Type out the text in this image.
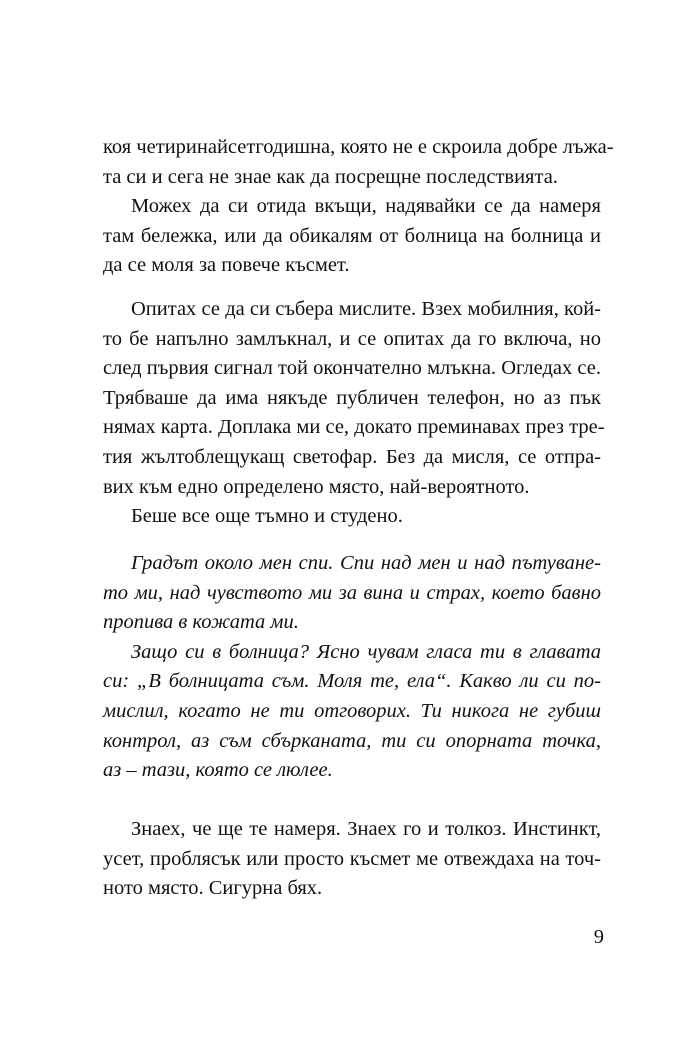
коя четиринайсетгодишна, която не е скроила добре лъжа-
та си и сега не знае как да посрещне последствията.
Можех да си отида вкъщи, надявайки се да намеря
там бележка, или да обикалям от болница на болница и
да се моля за повече късмет.
Опитах се да си събера мислите. Взех мобилния, кой-
то бе напълно замлъкнал, и се опитах да го включа, но
след първия сигнал той окончателно млъкна. Огледах се.
Трябваше да има някъде публичен телефон, но аз пък
нямах карта. Доплака ми се, докато преминавах през тре-
тия жълтоблещукащ светофар. Без да мисля, се отпра-
вих към едно определено място, най-вероятното.
Беше все още тъмно и студено.
Градът около мен спи. Спи над мен и над пътуване-
то ми, над чувството ми за вина и страх, което бавно
пропива в кожата ми.
Защо си в болница? Ясно чувам гласа ти в главата
си: „В болницата съм. Моля те, ела“. Какво ли си по-
мислил, когато не ти отговорих. Ти никога не губиш
контрол, аз съм сбърканата, ти си опорната точка,
аз – тази, която се люлее.
Знаех, че ще те намеря. Знаех го и толкоз. Инстинкт,
усет, проблясък или просто късмет ме отвеждаха на точ-
ното място. Сигурна бях.
9
